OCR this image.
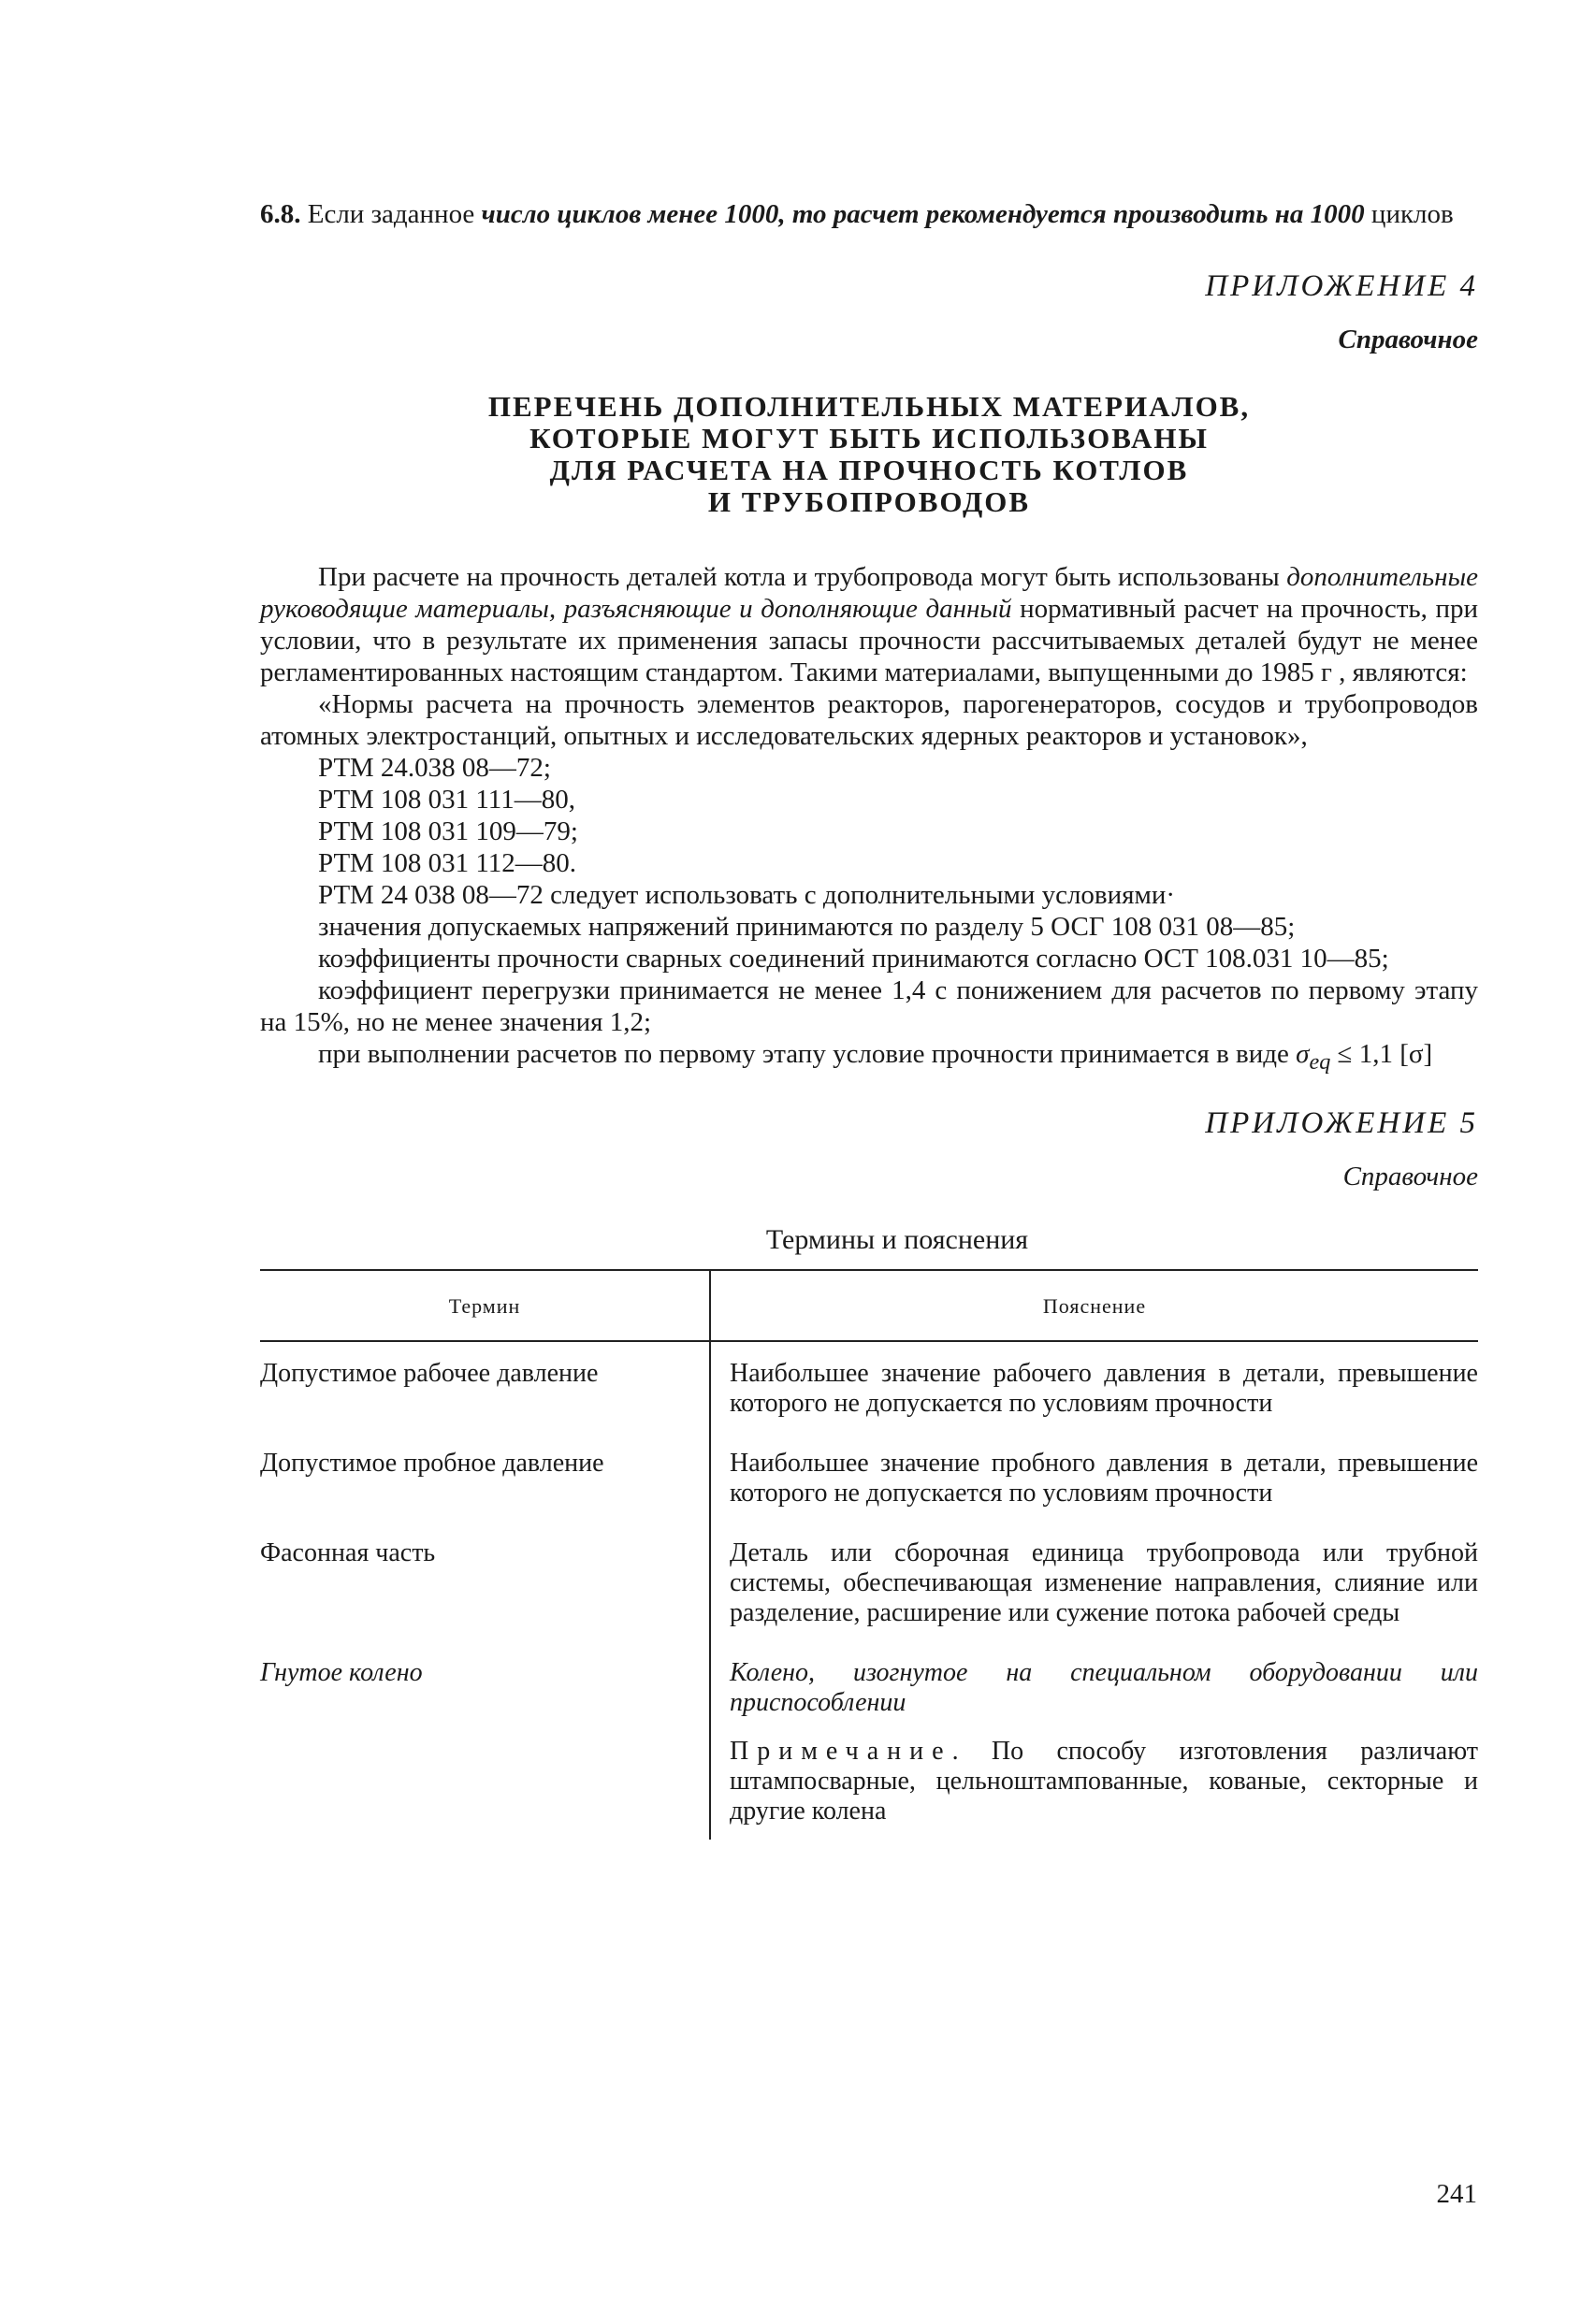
6.8. Если заданное число циклов менее 1000, то расчет рекомендуется производить на 1000 циклов
ПРИЛОЖЕНИЕ 4
Справочное
ПЕРЕЧЕНЬ ДОПОЛНИТЕЛЬНЫХ МАТЕРИАЛОВ,
КОТОРЫЕ МОГУТ БЫТЬ ИСПОЛЬЗОВАНЫ
ДЛЯ РАСЧЕТА НА ПРОЧНОСТЬ КОТЛОВ
И ТРУБОПРОВОДОВ

При расчете на прочность деталей котла и трубопровода могут быть использованы дополнительные руководящие материалы, разъясняющие и дополняющие данный нормативный расчет на прочность, при условии, что в результате их применения запасы прочности рассчитываемых деталей будут не менее регламентированных настоящим стандартом. Такими материалами, выпущенными до 1985 г , являются:

«Нормы расчета на прочность элементов реакторов, парогенераторов, сосудов и трубопроводов атомных электростанций, опытных и исследовательских ядерных реакторов и установок»,

РТМ 24.038 08—72;

РТМ 108 031 111—80,

РТМ 108 031 109—79;

РТМ 108 031 112—80.

РТМ 24 038 08—72 следует использовать с дополнительными условиями·

значения допускаемых напряжений принимаются по разделу 5 ОСГ 108 031 08—85;

коэффициенты прочности сварных соединений принимаются согласно ОСТ 108.031 10—85;

коэффициент перегрузки принимается не менее 1,4 с понижением для расчетов по первому этапу на 15%, но не менее значения 1,2;

при выполнении расчетов по первому этапу условие прочности принимается в виде $\sigma_{eq} \le 1,1$ [σ]

ПРИЛОЖЕНИЕ 5
Справочное
Термины и пояснения
Термин	Пояснение
Допустимое рабочее давление	Наибольшее значение рабочего давления в детали, превышение которого не допускается по условиям прочности
Допустимое пробное давление	Наибольшее значение пробного давления в детали, превышение которого не допускается по условиям прочности
Фасонная часть	Деталь или сборочная единица трубопровода или трубной системы, обеспечивающая изменение направления, слияние или разделение, расширение или сужение потока рабочей среды
Гнутое колено	Колено, изогнутое на специальном оборудовании или приспособлении
Примечание. По способу изготовления различают штампосварные, цельноштампованные, кованые, секторные и другие колена
241
